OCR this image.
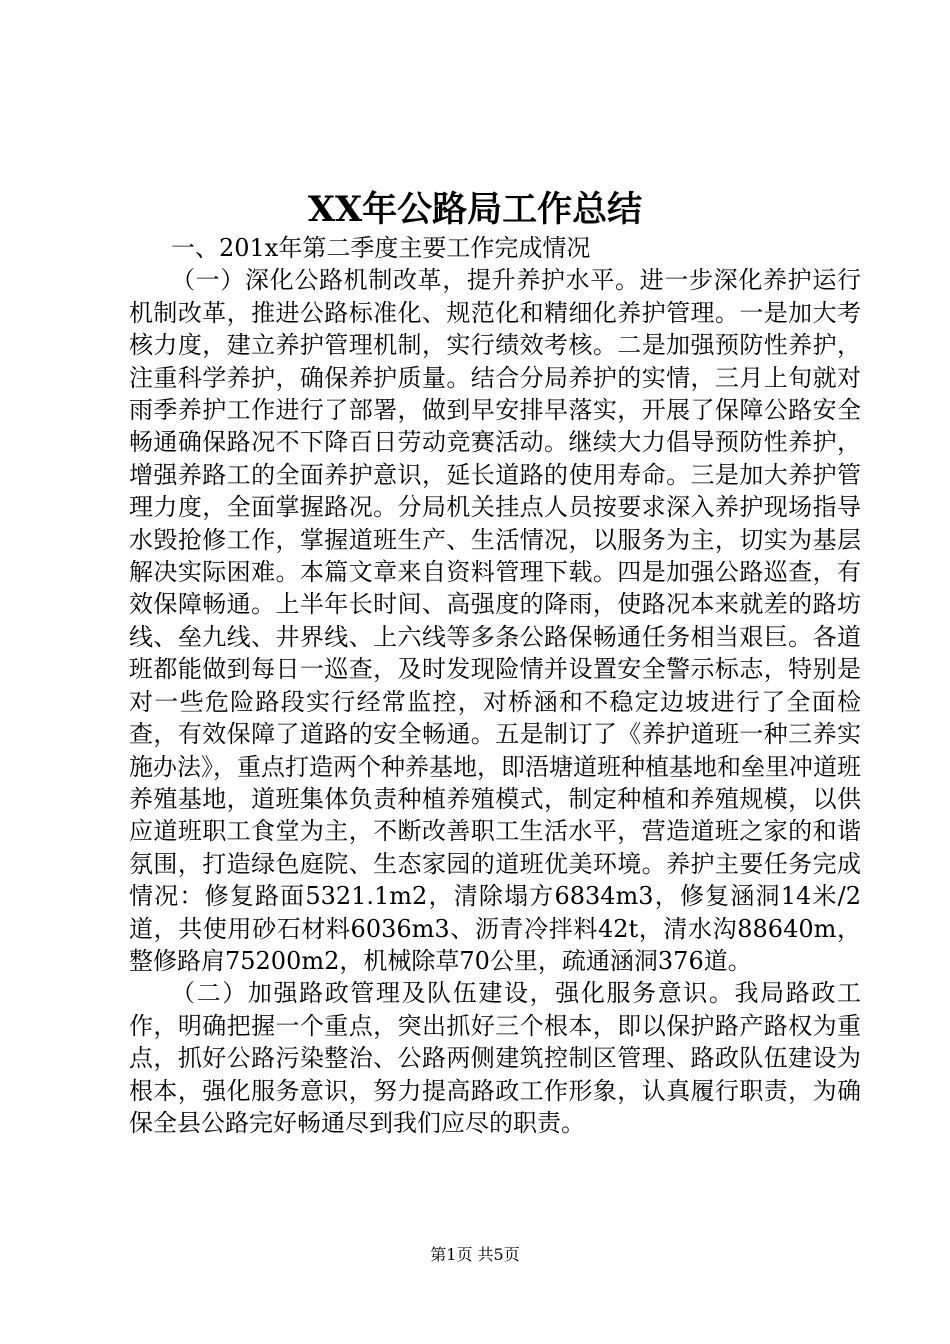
XX年公路局工作总结

一、201x年第二季度主要工作完成情况

（一）深化公路机制改革，提升养护水平。进一步深化养护运行机制改革，推进公路标准化、规范化和精细化养护管理。一是加大考核力度，建立养护管理机制，实行绩效考核。二是加强预防性养护，注重科学养护，确保养护质量。结合分局养护的实情，三月上旬就对雨季养护工作进行了部署，做到早安排早落实，开展了保障公路安全畅通确保路况不下降百日劳动竞赛活动。继续大力倡导预防性养护，增强养路工的全面养护意识，延长道路的使用寿命。三是加大养护管理力度，全面掌握路况。分局机关挂点人员按要求深入养护现场指导水毁抢修工作，掌握道班生产、生活情况，以服务为主，切实为基层解决实际困难。本篇文章来自资料管理下载。四是加强公路巡查，有效保障畅通。上半年长时间、高强度的降雨，使路况本来就差的路坊线、垒九线、井界线、上六线等多条公路保畅通任务相当艰巨。各道班都能做到每日一巡查，及时发现险情并设置安全警示标志，特别是对一些危险路段实行经常监控，对桥涵和不稳定边坡进行了全面检查，有效保障了道路的安全畅通。五是制订了《养护道班一种三养实施办法》，重点打造两个种养基地，即浯塘道班种植基地和垒里冲道班养殖基地，道班集体负责种植养殖模式，制定种植和养殖规模，以供应道班职工食堂为主，不断改善职工生活水平，营造道班之家的和谐氛围，打造绿色庭院、生态家园的道班优美环境。养护主要任务完成情况：修复路面5321.1m2，清除塌方6834m3，修复涵洞14米/2道，共使用砂石材料6036m3、沥青冷拌料42t，清水沟88640m，整修路肩75200m2，机械除草70公里，疏通涵洞376道。

（二）加强路政管理及队伍建设，强化服务意识。我局路政工作，明确把握一个重点，突出抓好三个根本，即以保护路产路权为重点，抓好公路污染整治、公路两侧建筑控制区管理、路政队伍建设为根本，强化服务意识，努力提高路政工作形象，认真履行职责，为确保全县公路完好畅通尽到我们应尽的职责。

第1页 共5页
